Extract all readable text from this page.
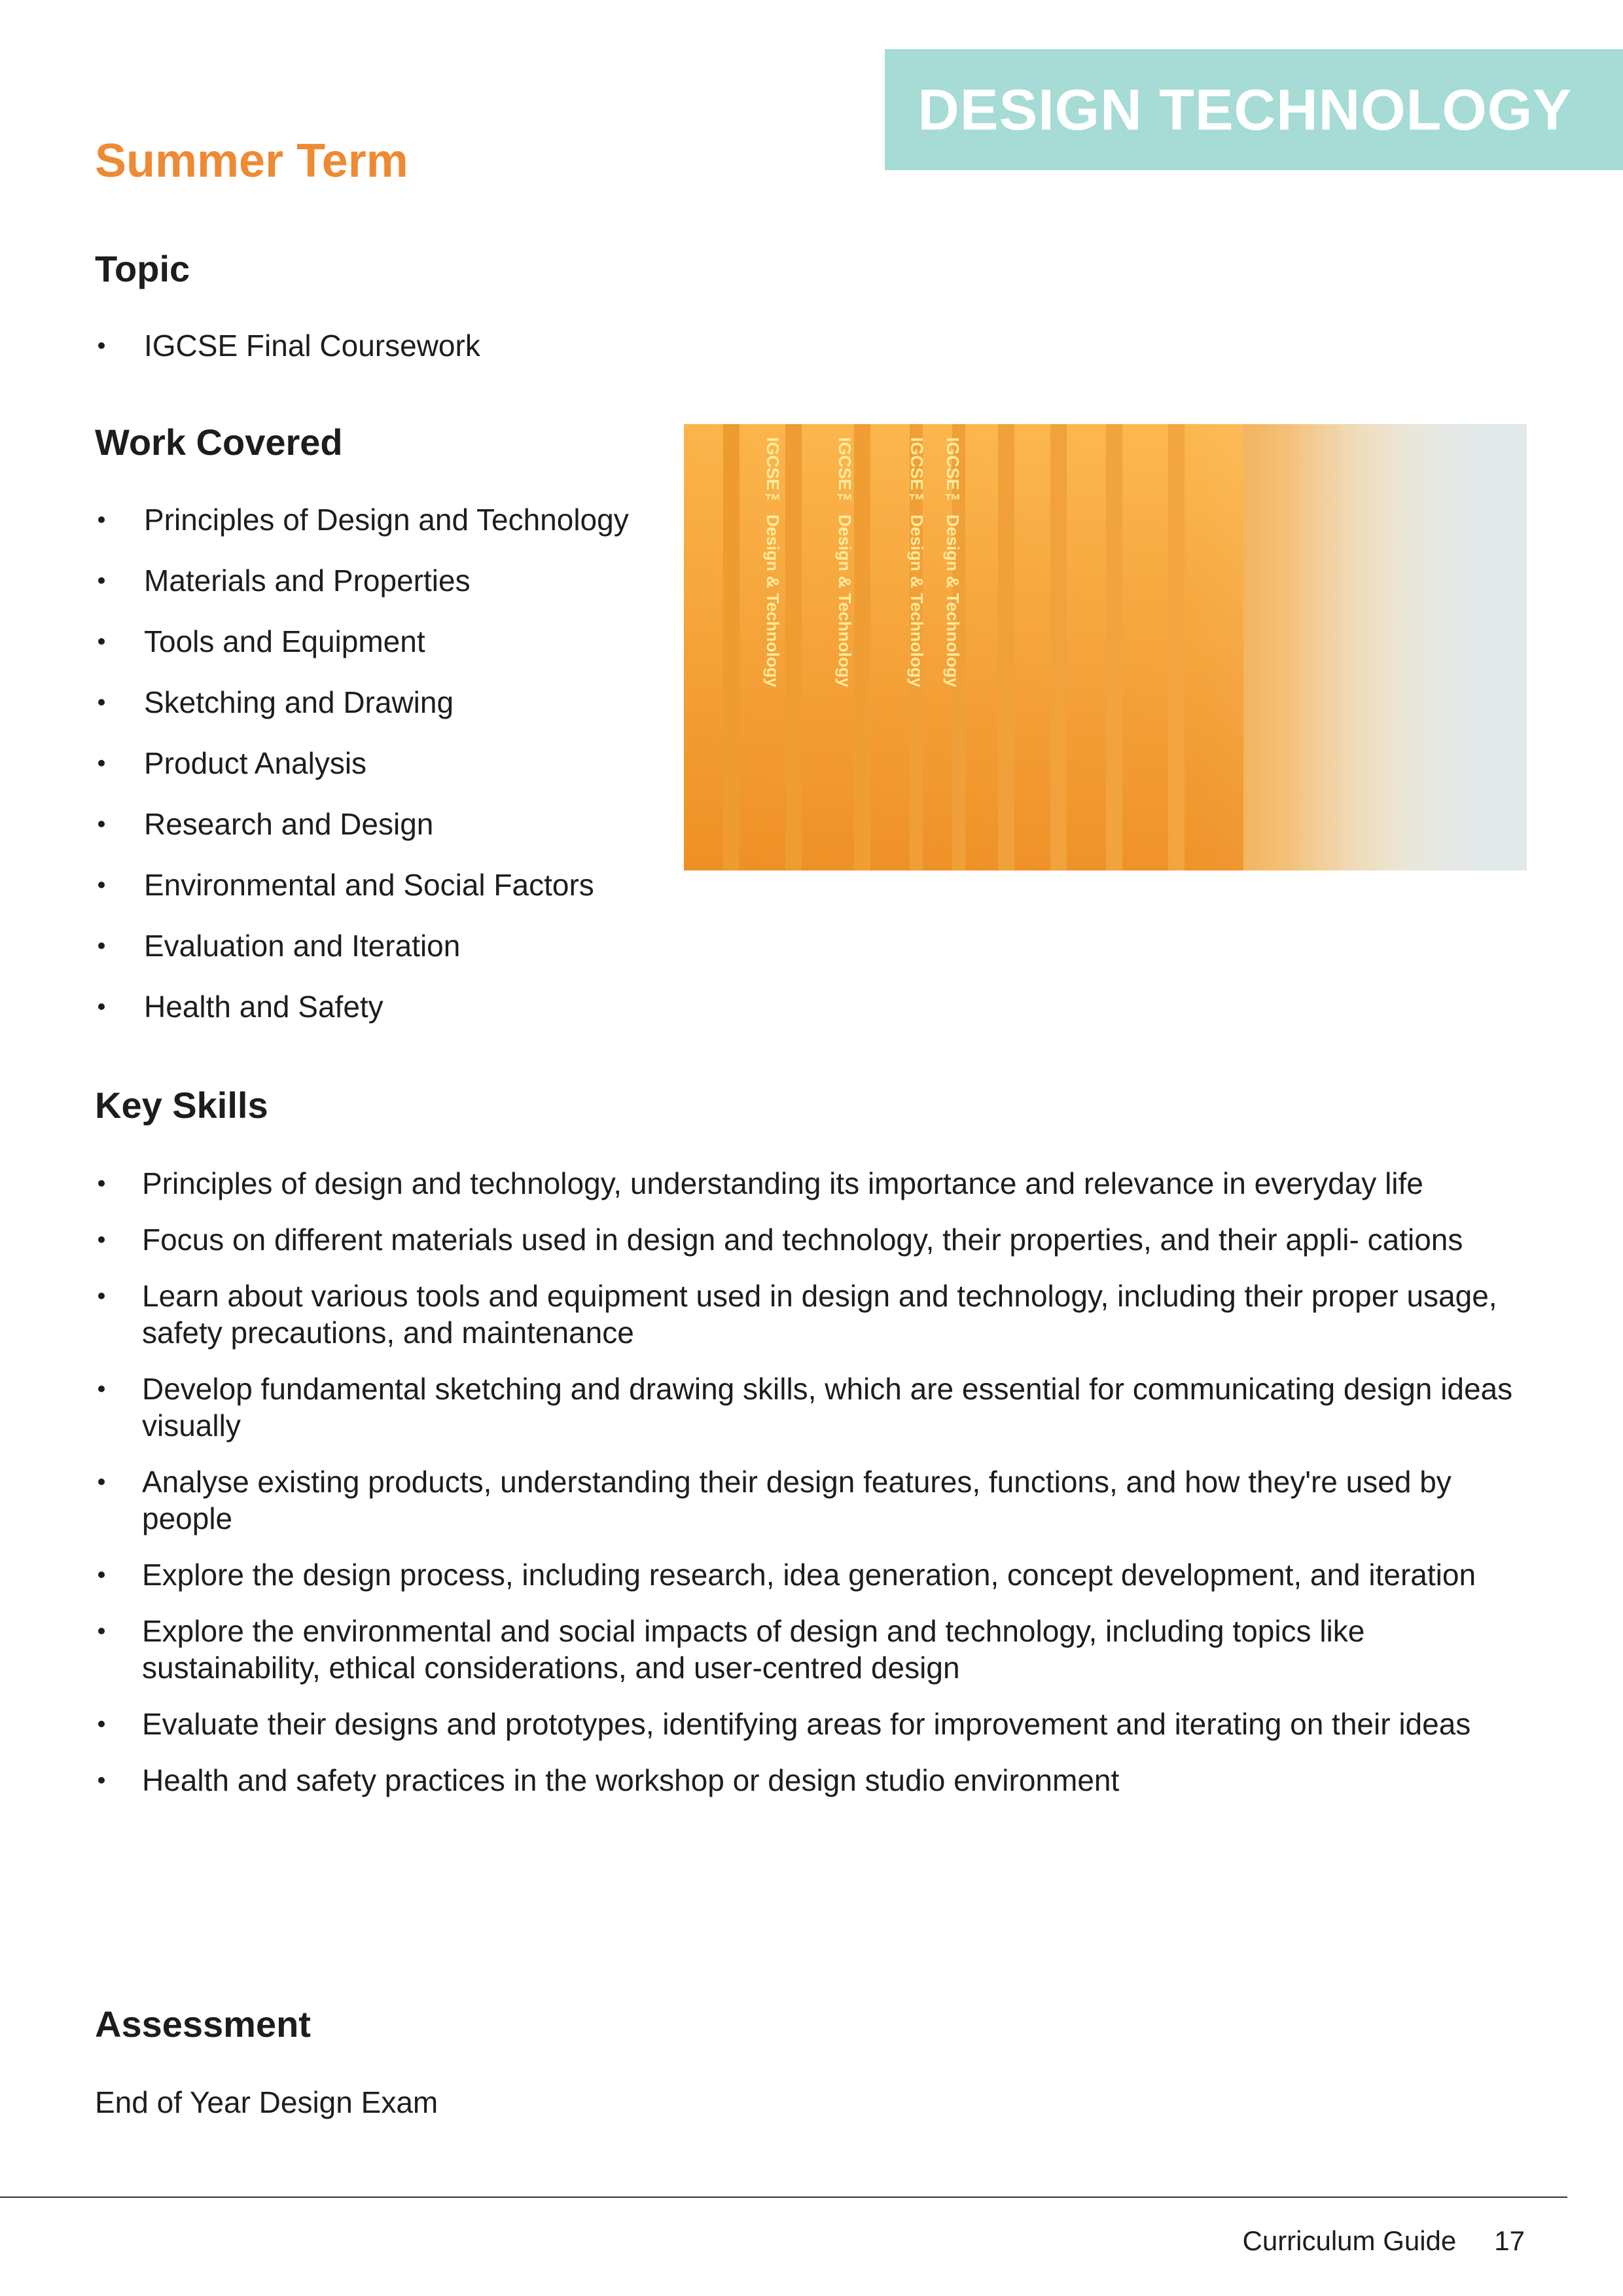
DESIGN TECHNOLOGY
Summer Term
Topic
IGCSE Final Coursework
Work Covered
Principles of Design and Technology
Materials and Properties
Tools and Equipment
Sketching and Drawing
Product Analysis
Research and Design
Environmental and Social Factors
Evaluation and Iteration
Health and Safety
IGCSE™ Design & Technology	IGCSE™ Design & Technology	IGCSE™ Design & Technology IGCSE™ Design & Technology
Key Skills
Principles of design and technology, understanding its importance and relevance in everyday life
Focus on different materials used in design and technology, their properties, and their appli- cations
Learn about various tools and equipment used in design and technology, including their proper usage, safety precautions, and maintenance
Develop fundamental sketching and drawing skills, which are essential for communicating design ideas visually
Analyse existing products, understanding their design features, functions, and how they're used by people
Explore the design process, including research, idea generation, concept development, and iteration
Explore the environmental and social impacts of design and technology, including topics like sustainability, ethical considerations, and user-centred design
Evaluate their designs and prototypes, identifying areas for improvement and iterating on their ideas
Health and safety practices in the workshop or design studio environment
Assessment

End of Year Design Exam

Curriculum Guide 17
